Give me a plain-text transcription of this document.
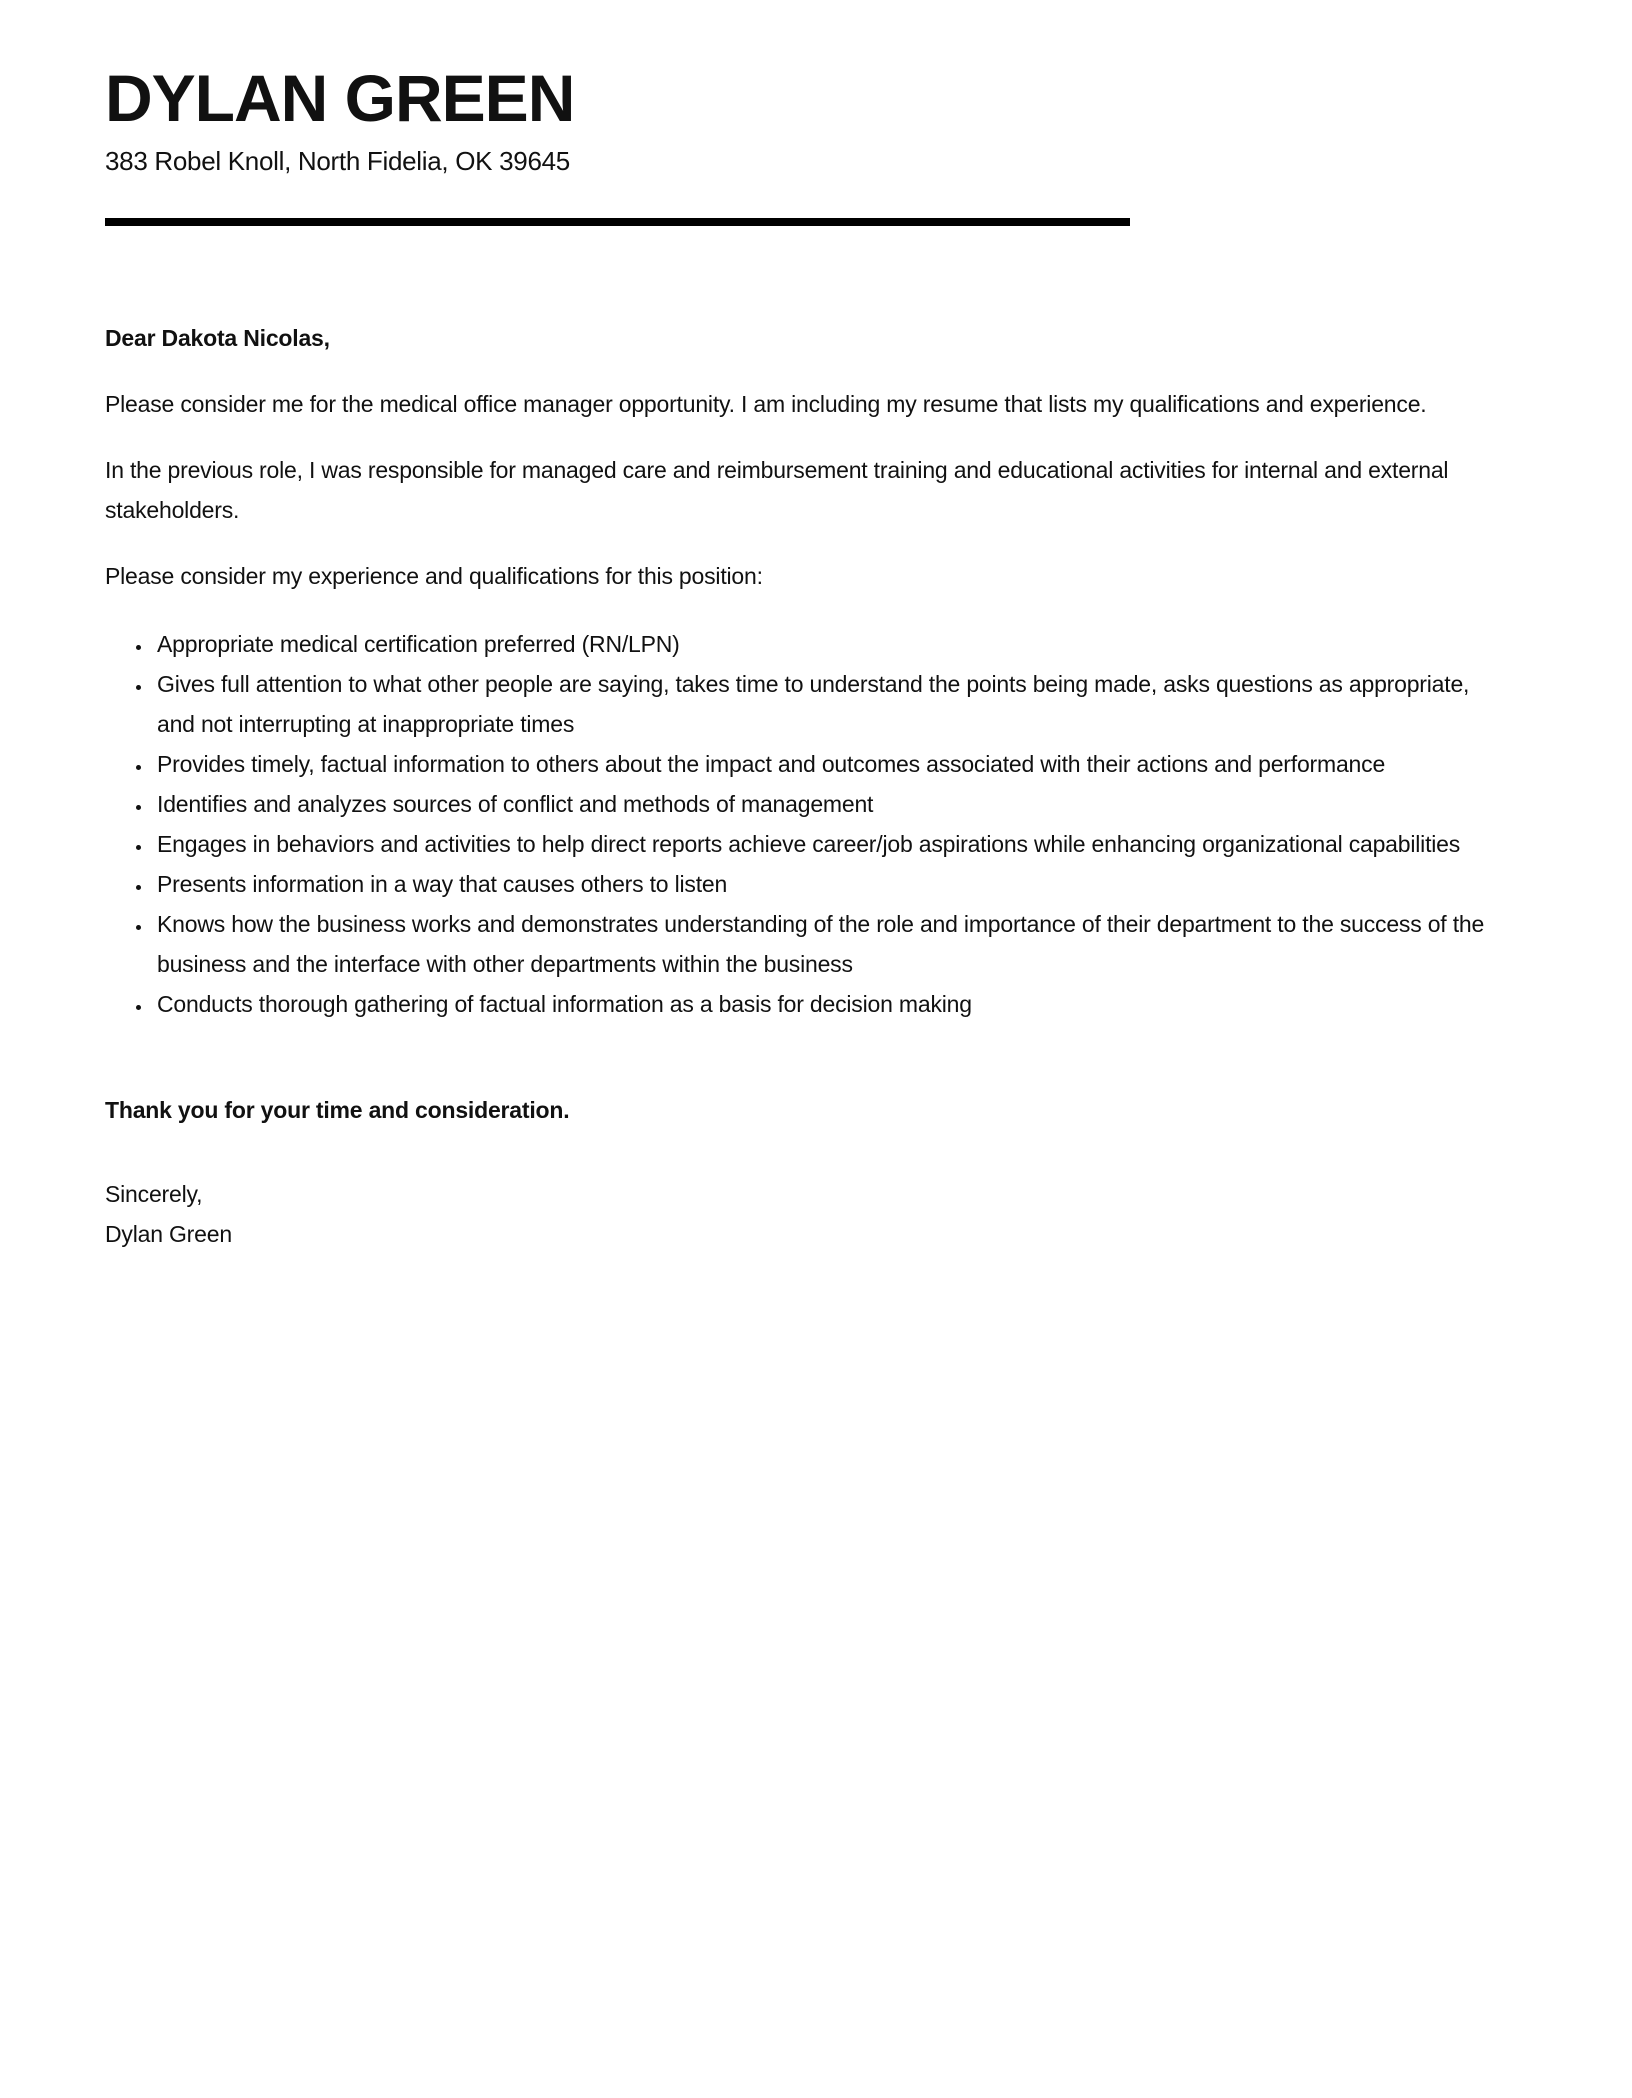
DYLAN GREEN
383 Robel Knoll, North Fidelia, OK 39645

Dear Dakota Nicolas,

Please consider me for the medical office manager opportunity. I am including my resume that lists my qualifications and experience.

In the previous role, I was responsible for managed care and reimbursement training and educational activities for internal and external stakeholders.

Please consider my experience and qualifications for this position:

• Appropriate medical certification preferred (RN/LPN)
• Gives full attention to what other people are saying, takes time to understand the points being made, asks questions as appropriate, and not interrupting at inappropriate times
• Provides timely, factual information to others about the impact and outcomes associated with their actions and performance
• Identifies and analyzes sources of conflict and methods of management
• Engages in behaviors and activities to help direct reports achieve career/job aspirations while enhancing organizational capabilities
• Presents information in a way that causes others to listen
• Knows how the business works and demonstrates understanding of the role and importance of their department to the success of the business and the interface with other departments within the business
• Conducts thorough gathering of factual information as a basis for decision making

Thank you for your time and consideration.

Sincerely,
Dylan Green
